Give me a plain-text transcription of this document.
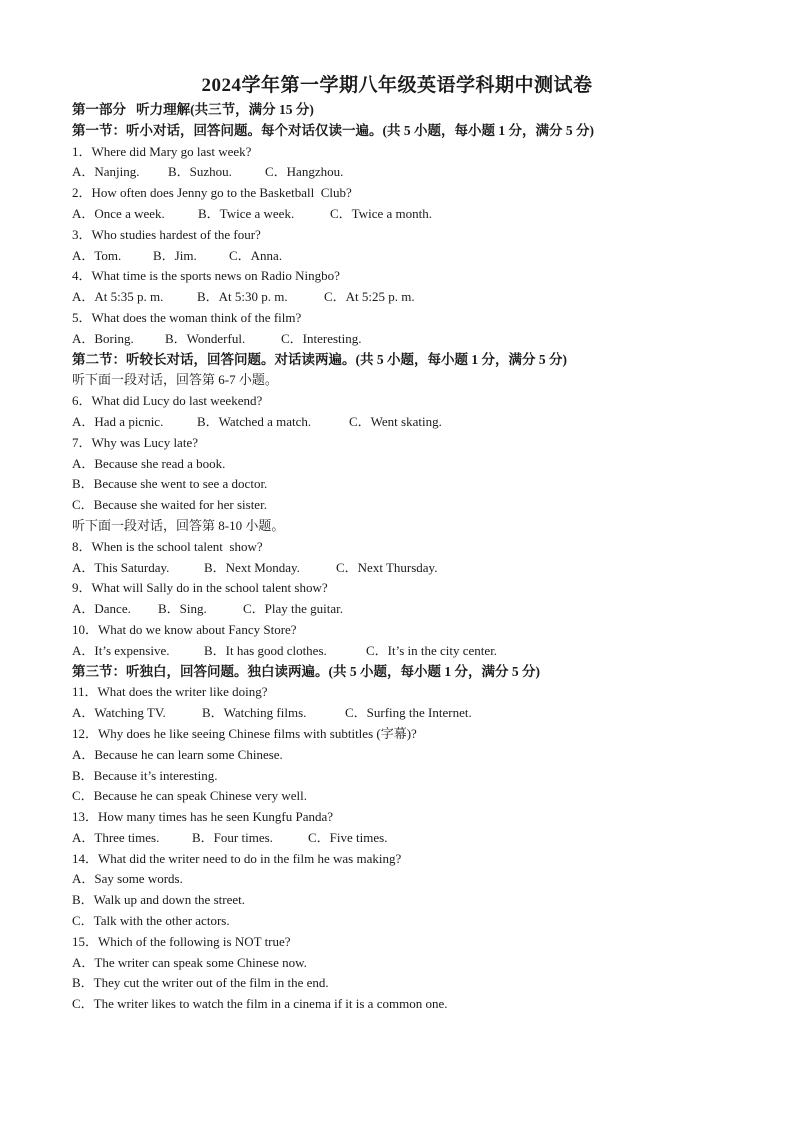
2024学年第一学期八年级英语学科期中测试卷
第一部分   听力理解(共三节，满分 15 分)
第一节：听小对话，回答问题。每个对话仅读一遍。(共 5 小题，每小题 1 分，满分 5 分)
1．Where did Mary go last week?
A．Nanjing.	B．Suzhou.	C．Hangzhou.
2．How often does Jenny go to the Basketball  Club?
A．Once a week.	B．Twice a week.	C．Twice a month.
3．Who studies hardest of the four?
A．Tom.	B．Jim.	C．Anna.
4．What time is the sports news on Radio Ningbo?
A．At 5:35 p. m.	B．At 5:30 p. m.	C．At 5:25 p. m.
5．What does the woman think of the film?
A．Boring.	B．Wonderful.	C．Interesting.
第二节：听较长对话，回答问题。对话读两遍。(共 5 小题，每小题 1 分，满分 5 分)
听下面一段对话，回答第 6-7 小题。
6．What did Lucy do last weekend?
A．Had a picnic.	B．Watched a match.	C．Went skating.
7．Why was Lucy late?
A．Because she read a book.
B．Because she went to see a doctor.
C．Because she waited for her sister.
听下面一段对话，回答第 8-10 小题。
8．When is the school talent  show?
A．This Saturday.	B．Next Monday.	C．Next Thursday.
9．What will Sally do in the school talent show?
A．Dance.	B．Sing.	C．Play the guitar.
10．What do we know about Fancy Store?
A．It’s expensive.	B．It has good clothes.	C．It’s in the city center.
第三节：听独白，回答问题。独白读两遍。(共 5 小题，每小题 1 分，满分 5 分)
11．What does the writer like doing?
A．Watching TV.	B．Watching films.	C．Surfing the Internet.
12．Why does he like seeing Chinese films with subtitles (字幕)?
A．Because he can learn some Chinese.
B．Because it’s interesting.
C．Because he can speak Chinese very well.
13．How many times has he seen Kungfu Panda?
A．Three times.	B．Four times.	C．Five times.
14．What did the writer need to do in the film he was making?
A．Say some words.
B．Walk up and down the street.
C．Talk with the other actors.
15．Which of the following is NOT true?
A．The writer can speak some Chinese now.
B．They cut the writer out of the film in the end.
C．The writer likes to watch the film in a cinema if it is a common one.
